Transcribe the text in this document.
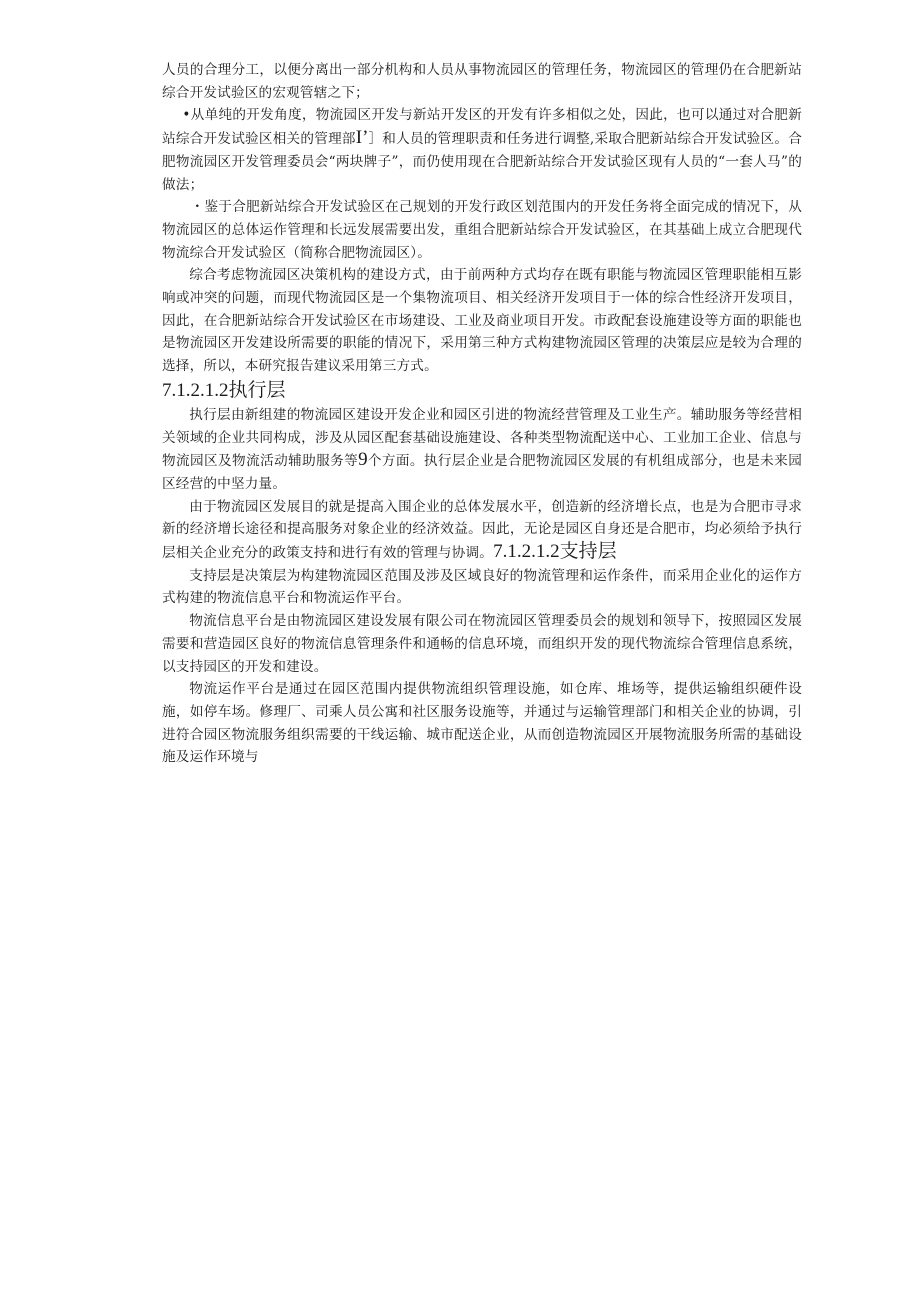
人员的合理分工，以便分离出一部分机构和人员从事物流园区的管理任务，物流园区的管理仍在合肥新站综合开发试验区的宏观管辖之下；

•从单纯的开发角度，物流园区开发与新站开发区的开发有许多相似之处，因此，也可以通过对合肥新站综合开发试验区相关的管理部I’］和人员的管理职责和任务进行调整,采取合肥新站综合开发试验区。合肥物流园区开发管理委员会“两块牌子”，而仍使用现在合肥新站综合开发试验区现有人员的“一套人马”的做法；

・鉴于合肥新站综合开发试验区在己规划的开发行政区划范围内的开发任务将全面完成的情况下，从物流园区的总体运作管理和长远发展需要出发，重组合肥新站综合开发试验区，在其基础上成立合肥现代物流综合开发试验区（简称合肥物流园区）。

综合考虑物流园区决策机构的建设方式，由于前两种方式均存在既有职能与物流园区管理职能相互影响或冲突的问题，而现代物流园区是一个集物流项目、相关经济开发项目于一体的综合性经济开发项目，因此，在合肥新站综合开发试验区在市场建设、工业及商业项目开发。市政配套设施建设等方面的职能也是物流园区开发建设所需要的职能的情况下，采用第三种方式构建物流园区管理的决策层应是较为合理的选择，所以，本研究报告建议采用第三方式。

7.1.2.1.2执行层

执行层由新组建的物流园区建设开发企业和园区引进的物流经营管理及工业生产。辅助服务等经营相关领域的企业共同构成，涉及从园区配套基础设施建设、各种类型物流配送中心、工业加工企业、信息与物流园区及物流活动辅助服务等9个方面。执行层企业是合肥物流园区发展的有机组成部分，也是未来园区经营的中坚力量。

由于物流园区发展目的就是提高入围企业的总体发展水平，创造新的经济增长点，也是为合肥市寻求新的经济增长途径和提高服务对象企业的经济效益。因此，无论是园区自身还是合肥市，均必须给予执行层相关企业充分的政策支持和进行有效的管理与协调。7.1.2.1.2支持层

支持层是决策层为构建物流园区范围及涉及区域良好的物流管理和运作条件，而采用企业化的运作方式构建的物流信息平台和物流运作平台。

物流信息平台是由物流园区建设发展有限公司在物流园区管理委员会的规划和领导下，按照园区发展需要和营造园区良好的物流信息管理条件和通畅的信息环境，而组织开发的现代物流综合管理信息系统，以支持园区的开发和建设。

物流运作平台是通过在园区范围内提供物流组织管理设施，如仓库、堆场等，提供运输组织硬件设施，如停车场。修理厂、司乘人员公寓和社区服务设施等，并通过与运输管理部门和相关企业的协调，引进符合园区物流服务组织需要的干线运输、城市配送企业，从而创造物流园区开展物流服务所需的基础设施及运作环境与
